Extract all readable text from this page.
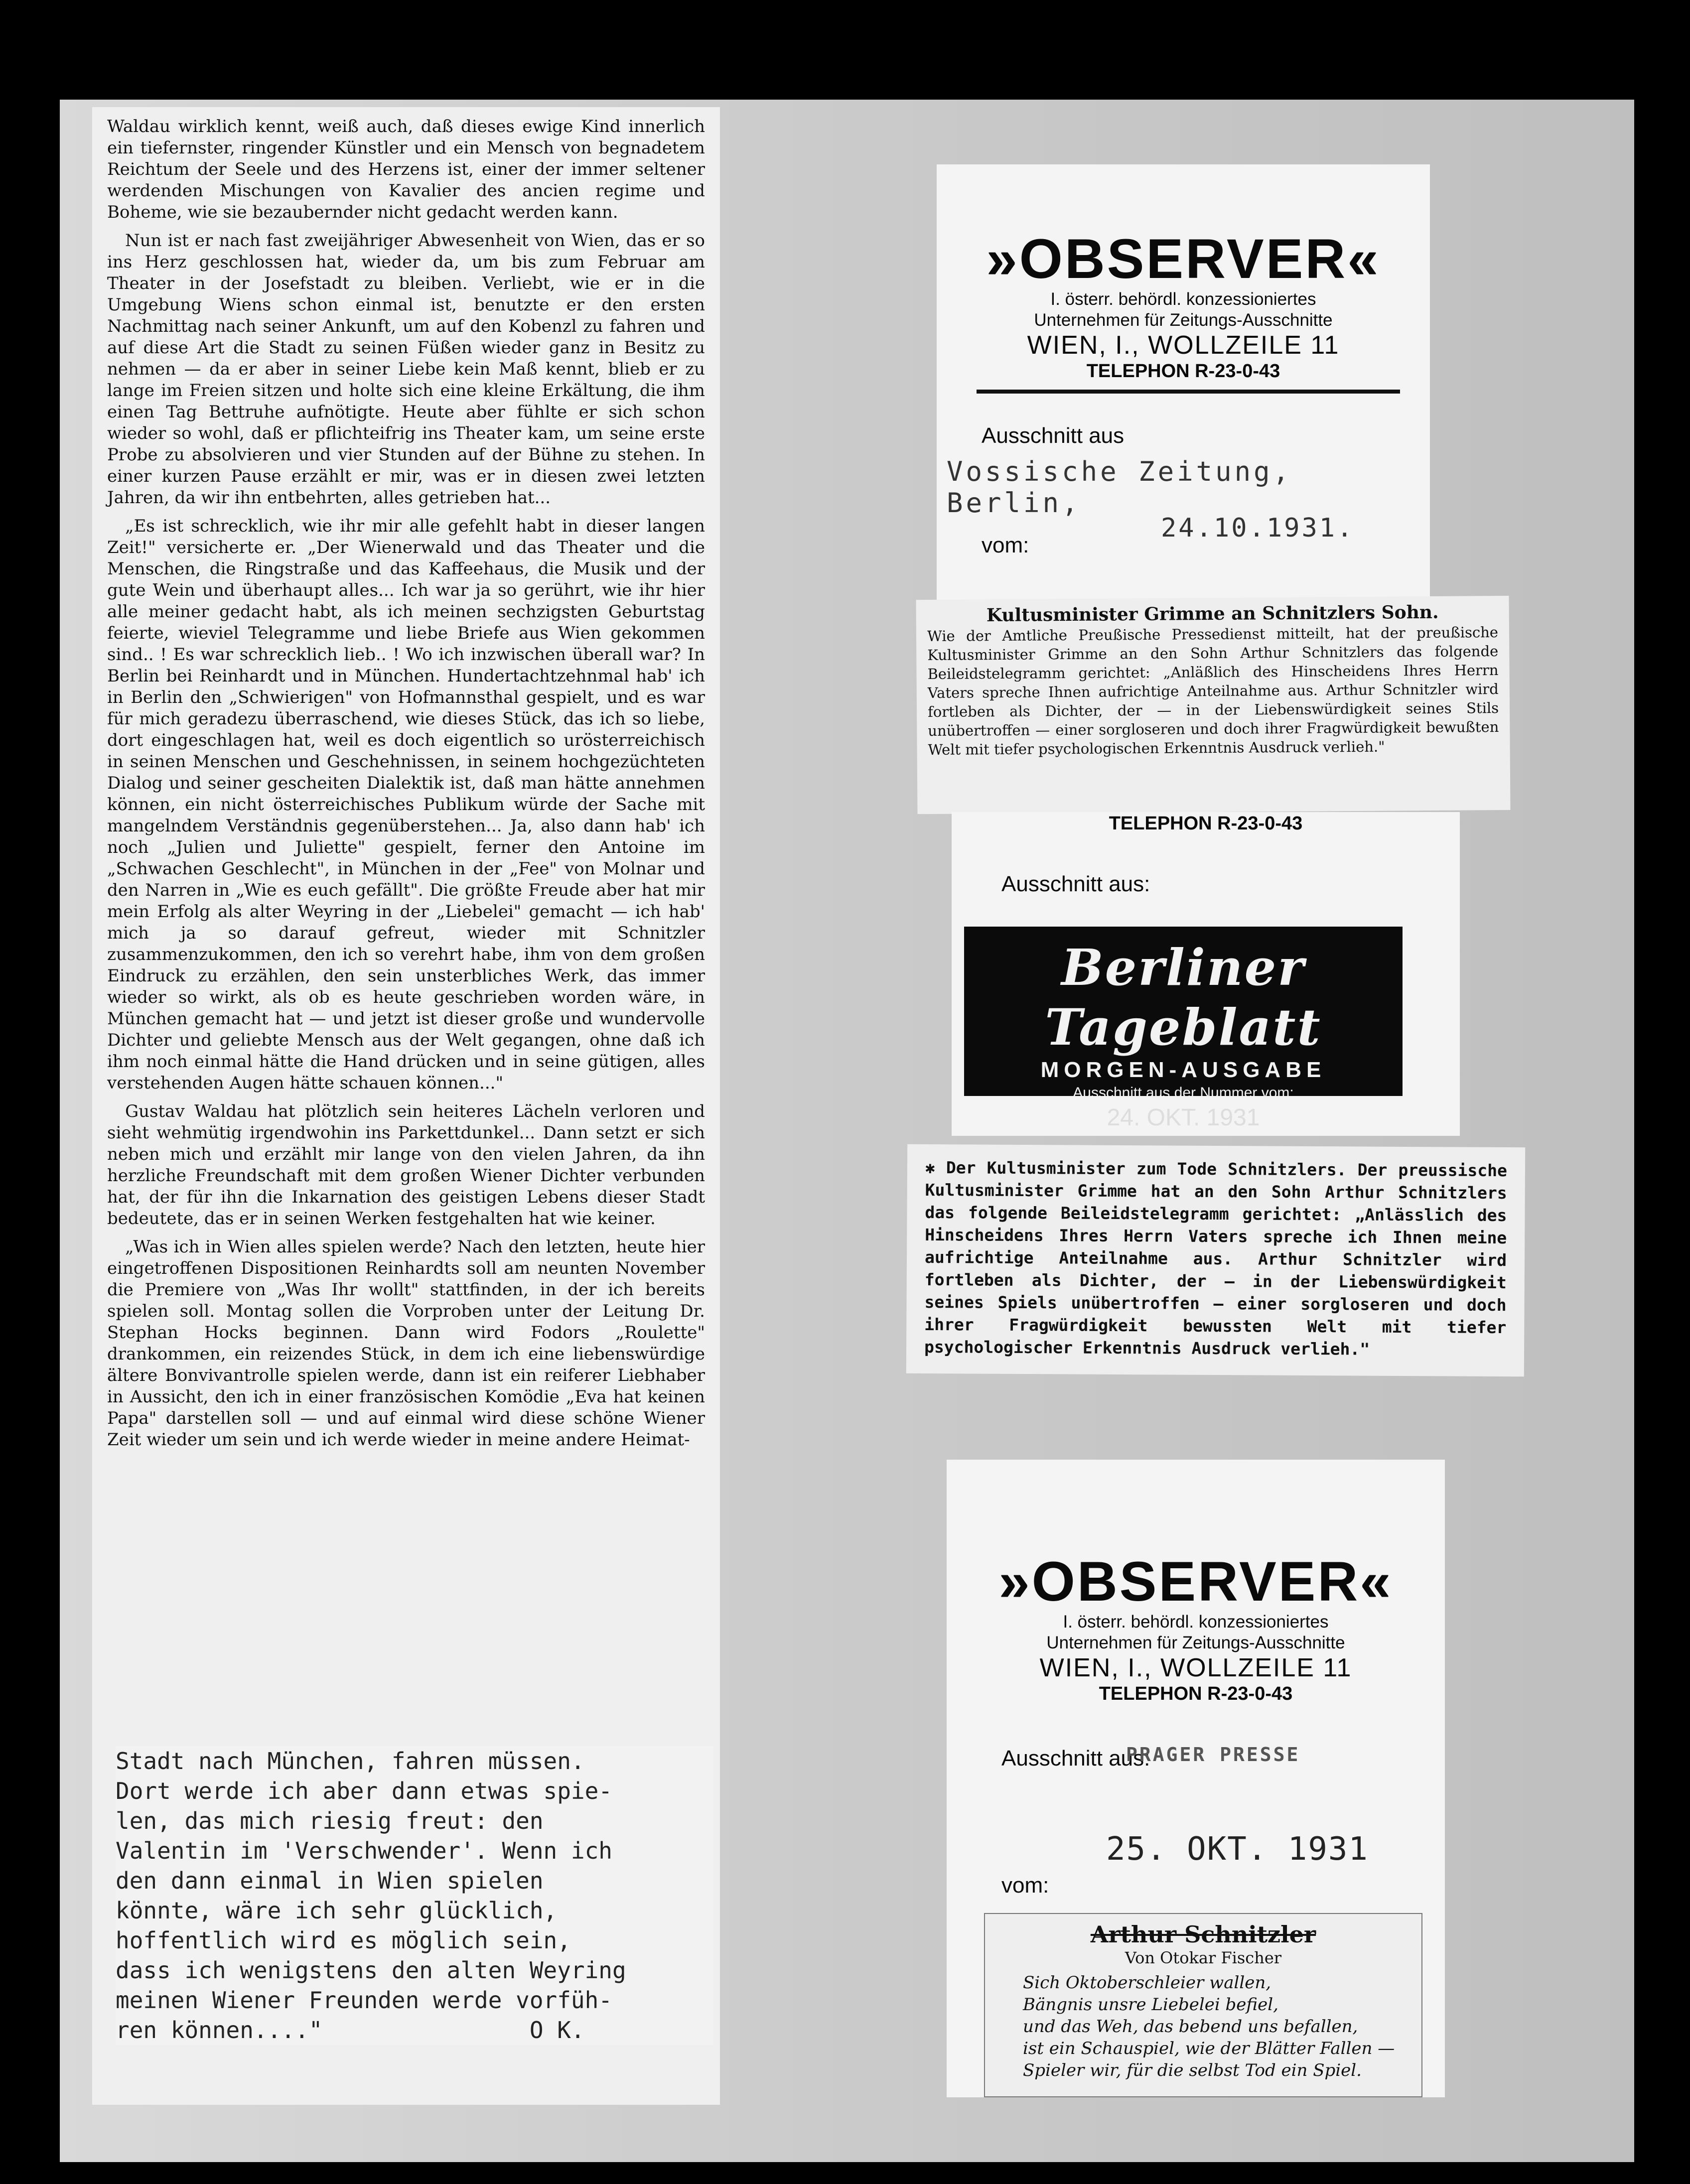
Waldau wirklich kennt, weiß auch, daß dieses ewige Kind innerlich ein tiefernster, ringender Künstler und ein Mensch von begnadetem Reichtum der Seele und des Herzens ist, einer der immer seltener werdenden Mischungen von Kavalier des ancien regime und Boheme, wie sie bezaubernder nicht gedacht werden kann.

Nun ist er nach fast zweijähriger Abwesenheit von Wien, das er so ins Herz geschlossen hat, wieder da, um bis zum Februar am Theater in der Josefstadt zu bleiben. Verliebt, wie er in die Umgebung Wiens schon einmal ist, benutzte er den ersten Nachmittag nach seiner Ankunft, um auf den Kobenzl zu fahren und auf diese Art die Stadt zu seinen Füßen wieder ganz in Besitz zu nehmen — da er aber in seiner Liebe kein Maß kennt, blieb er zu lange im Freien sitzen und holte sich eine kleine Erkältung, die ihm einen Tag Bettruhe aufnötigte. Heute aber fühlte er sich schon wieder so wohl, daß er pflichteifrig ins Theater kam, um seine erste Probe zu absolvieren und vier Stunden auf der Bühne zu stehen. In einer kurzen Pause erzählt er mir, was er in diesen zwei letzten Jahren, da wir ihn entbehrten, alles getrieben hat...

„Es ist schrecklich, wie ihr mir alle gefehlt habt in dieser langen Zeit!" versicherte er. „Der Wienerwald und das Theater und die Menschen, die Ringstraße und das Kaffeehaus, die Musik und der gute Wein und überhaupt alles... Ich war ja so gerührt, wie ihr hier alle meiner gedacht habt, als ich meinen sechzigsten Geburtstag feierte, wieviel Telegramme und liebe Briefe aus Wien gekommen sind.. ! Es war schrecklich lieb.. ! Wo ich inzwischen überall war? In Berlin bei Reinhardt und in München. Hundertachtzehnmal hab' ich in Berlin den „Schwierigen" von Hofmannsthal gespielt, und es war für mich geradezu überraschend, wie dieses Stück, das ich so liebe, dort eingeschlagen hat, weil es doch eigentlich so urösterreichisch in seinen Menschen und Geschehnissen, in seinem hochgezüchteten Dialog und seiner gescheiten Dialektik ist, daß man hätte annehmen können, ein nicht österreichisches Publikum würde der Sache mit mangelndem Verständnis gegenüberstehen... Ja, also dann hab' ich noch „Julien und Juliette" gespielt, ferner den Antoine im „Schwachen Geschlecht", in München in der „Fee" von Molnar und den Narren in „Wie es euch gefällt". Die größte Freude aber hat mir mein Erfolg als alter Weyring in der „Liebelei" gemacht — ich hab' mich ja so darauf gefreut, wieder mit Schnitzler zusammenzukommen, den ich so verehrt habe, ihm von dem großen Eindruck zu erzählen, den sein unsterbliches Werk, das immer wieder so wirkt, als ob es heute geschrieben worden wäre, in München gemacht hat — und jetzt ist dieser große und wundervolle Dichter und geliebte Mensch aus der Welt gegangen, ohne daß ich ihm noch einmal hätte die Hand drücken und in seine gütigen, alles verstehenden Augen hätte schauen können..."

Gustav Waldau hat plötzlich sein heiteres Lächeln verloren und sieht wehmütig irgendwohin ins Parkettdunkel... Dann setzt er sich neben mich und erzählt mir lange von den vielen Jahren, da ihn herzliche Freundschaft mit dem großen Wiener Dichter verbunden hat, der für ihn die Inkarnation des geistigen Lebens dieser Stadt bedeutete, das er in seinen Werken festgehalten hat wie keiner.

„Was ich in Wien alles spielen werde? Nach den letzten, heute hier eingetroffenen Dispositionen Reinhardts soll am neunten November die Premiere von „Was Ihr wollt" stattfinden, in der ich bereits spielen soll. Montag sollen die Vorproben unter der Leitung Dr. Stephan Hocks beginnen. Dann wird Fodors „Roulette" drankommen, ein reizendes Stück, in dem ich eine liebenswürdige ältere Bonvivantrolle spielen werde, dann ist ein reiferer Liebhaber in Aussicht, den ich in einer französischen Komödie „Eva hat keinen Papa" darstellen soll — und auf einmal wird diese schöne Wiener Zeit wieder um sein und ich werde wieder in meine andere Heimat-

Stadt nach München, fahren müssen.
Dort werde ich aber dann etwas spie-
len, das mich riesig freut: den
Valentin im 'Verschwender'. Wenn ich
den dann einmal in Wien spielen
könnte, wäre ich sehr glücklich,
hoffentlich wird es möglich sein,
dass ich wenigstens den alten Weyring
meinen Wiener Freunden werde vorfüh-
ren können...."               O K.
»OBSERVER«
I. österr. behördl. konzessioniertes
Unternehmen für Zeitungs-Ausschnitte
WIEN, I., WOLLZEILE 11
TELEPHON R-23-0-43
Ausschnitt aus
Vossische Zeitung, Berlin,
24.10.1931.
vom:
Kultusminister Grimme an Schnitzlers Sohn.
Wie der Amtliche Preußische Pressedienst mitteilt, hat der preußische Kultusminister Grimme an den Sohn Arthur Schnitzlers das folgende Beileidstelegramm gerichtet: „Anläßlich des Hinscheidens Ihres Herrn Vaters spreche Ihnen aufrichtige Anteilnahme aus. Arthur Schnitzler wird fortleben als Dichter, der — in der Liebenswürdigkeit seines Stils unübertroffen — einer sorgloseren und doch ihrer Fragwürdigkeit bewußten Welt mit tiefer psychologischen Erkenntnis Ausdruck verlieh."
TELEPHON R-23-0-43
Ausschnitt aus:
Berliner Tageblatt
MORGEN-AUSGABE
Ausschnitt aus der Nummer vom:
24. OKT. 1931
✱ Der Kultusminister zum Tode Schnitzlers. Der preussische Kultusminister Grimme hat an den Sohn Arthur Schnitzlers das folgende Beileidstelegramm gerichtet: „Anlässlich des Hinscheidens Ihres Herrn Vaters spreche ich Ihnen meine aufrichtige Anteilnahme aus. Arthur Schnitzler wird fortleben als Dichter, der — in der Liebenswürdigkeit seines Spiels unübertroffen — einer sorgloseren und doch ihrer Fragwürdigkeit bewussten Welt mit tiefer psychologischer Erkenntnis Ausdruck verlieh."
»OBSERVER«
I. österr. behördl. konzessioniertes
Unternehmen für Zeitungs-Ausschnitte
WIEN, I., WOLLZEILE 11
TELEPHON R-23-0-43
Ausschnitt aus:
PRAGER PRESSE
25. OKT. 1931
vom:
Arthur Schnitzler
Von Otokar Fischer
Sich Oktoberschleier wallen,
Bängnis unsre Liebelei befiel,
und das Weh, das bebend uns befallen,
ist ein Schauspiel, wie der Blätter Fallen —
Spieler wir, für die selbst Tod ein Spiel.
